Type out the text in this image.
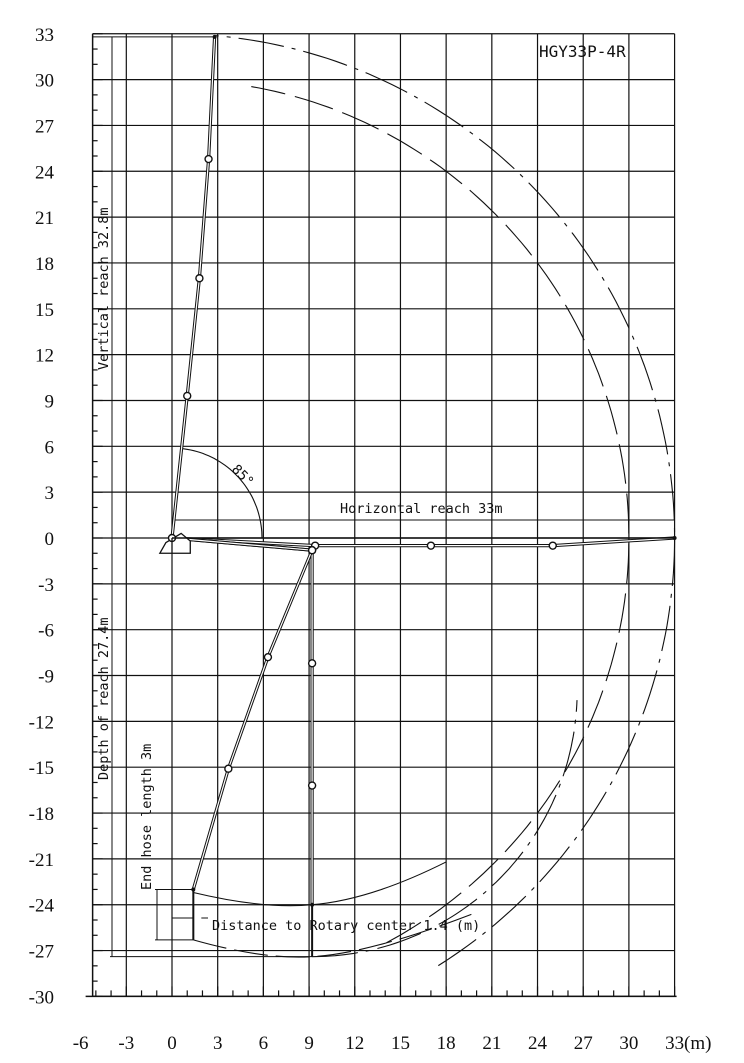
33
30
27
24
21
18
15
12
9
6
3
0
-3
-6
-9
-12
-15
-18
-21
-24
-27
-30
-6 -3 0 3 6 9 12 15 18 21 24 27 30 33
HGY33P-4R
(m)
Vertical reach 32.8m
Depth of reach 27.4m
End hose length 3m
Horizontal reach 33m
Distance to Rotary center 1.4 (m)
85°
